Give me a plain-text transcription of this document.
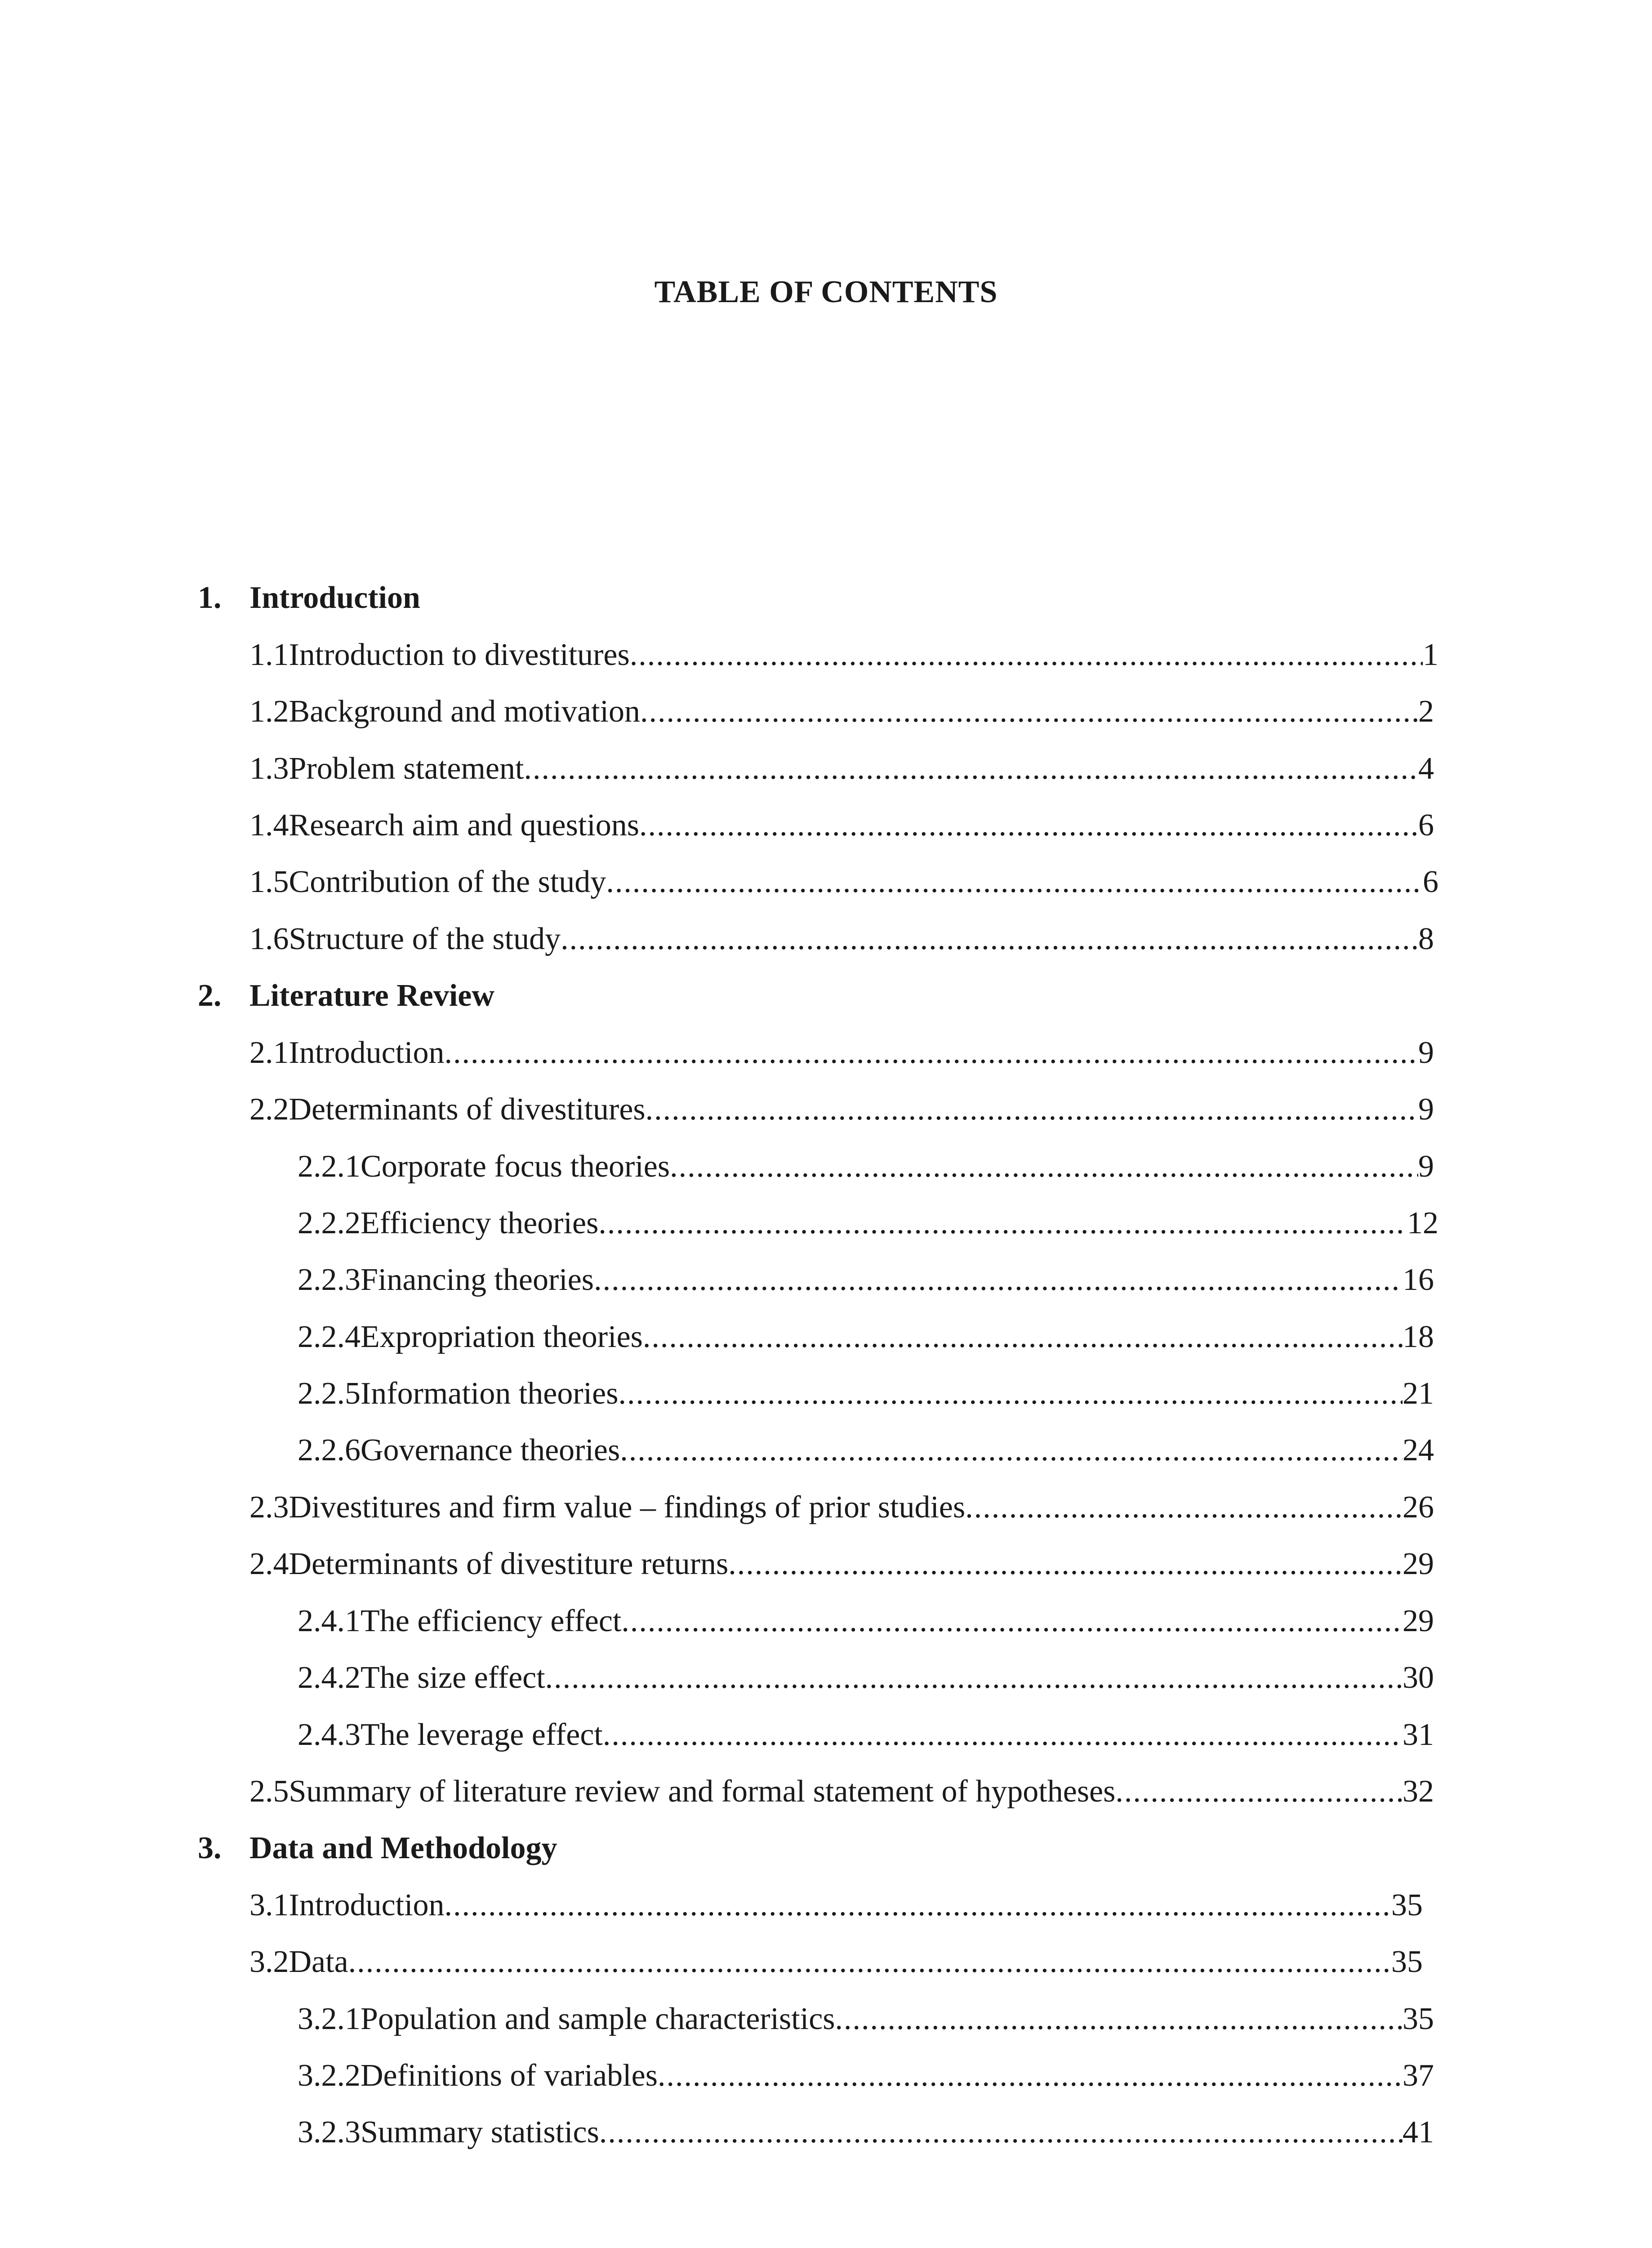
TABLE OF CONTENTS
1. Introduction
1.1 Introduction to divestitures .....	1
1.2 Background and motivation .....	2
1.3 Problem statement .....	4
1.4 Research aim and questions .....	6
1.5 Contribution of the study .....	6
1.6 Structure of the study .....	8
2. Literature Review
2.1 Introduction .....	9
2.2 Determinants of divestitures .....	9
2.2.1 Corporate focus theories .....	9
2.2.2 Efficiency theories .....	12
2.2.3 Financing theories .....	16
2.2.4 Expropriation theories .....	18
2.2.5 Information theories .....	21
2.2.6 Governance theories .....	24
2.3 Divestitures and firm value – findings of prior studies .....	26
2.4 Determinants of divestiture returns .....	29
2.4.1 The efficiency effect .....	29
2.4.2 The size effect .....	30
2.4.3 The leverage effect .....	31
2.5 Summary of literature review and formal statement of hypotheses .....	32
3. Data and Methodology
3.1 Introduction .....	35
3.2 Data .....	35
3.2.1 Population and sample characteristics .....	35
3.2.2 Definitions of variables .....	37
3.2.3 Summary statistics .....	41
